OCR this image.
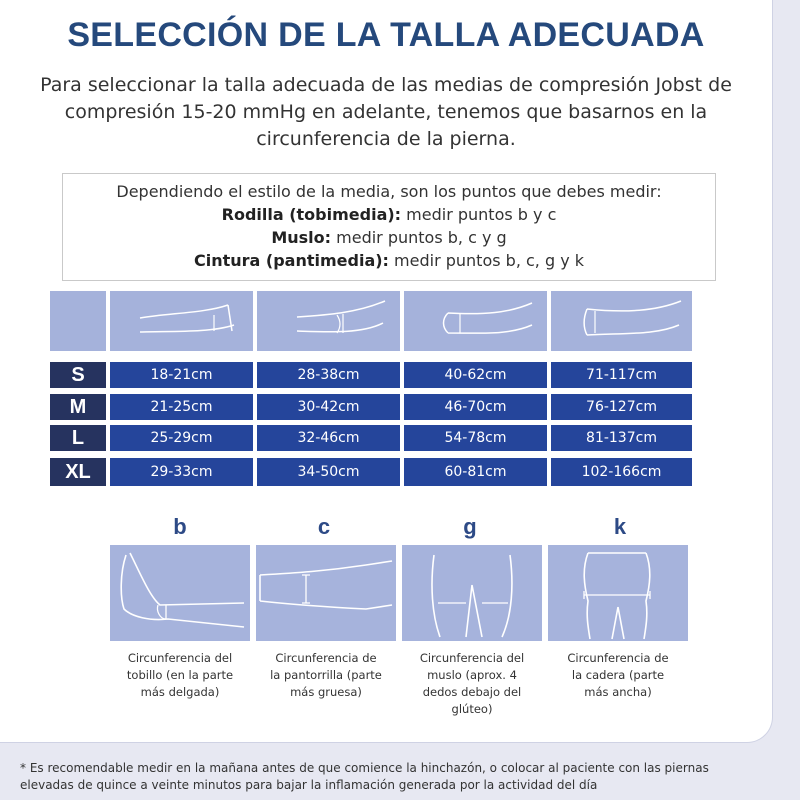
SELECCIÓN DE LA TALLA ADECUADA
Para seleccionar la talla adecuada de las medias de compresión Jobst de
compresión 15-20 mmHg en adelante, tenemos que basarnos en la
circunferencia de la pierna.
Dependiendo el estilo de la media, son los puntos que debes medir:
Rodilla (tobimedia): medir puntos b y c
Muslo: medir puntos b, c y g
Cintura (pantimedia): medir puntos b, c, g y k
S	18-21cm	28-38cm	40-62cm	71-117cm
M	21-25cm	30-42cm	46-70cm	76-127cm
L	25-29cm	32-46cm	54-78cm	81-137cm
XL	29-33cm	34-50cm	60-81cm	102-166cm
b	c	g	k
Circunferencia del
tobillo (en la parte
más delgada)
Circunferencia de
la pantorrilla (parte
más gruesa)
Circunferencia del
muslo (aprox. 4
dedos debajo del
glúteo)
Circunferencia de
la cadera (parte
más ancha)
* Es recomendable medir en la mañana antes de que comience la hinchazón, o colocar al paciente con las piernas
elevadas de quince a veinte minutos para bajar la inflamación generada por la actividad del día
